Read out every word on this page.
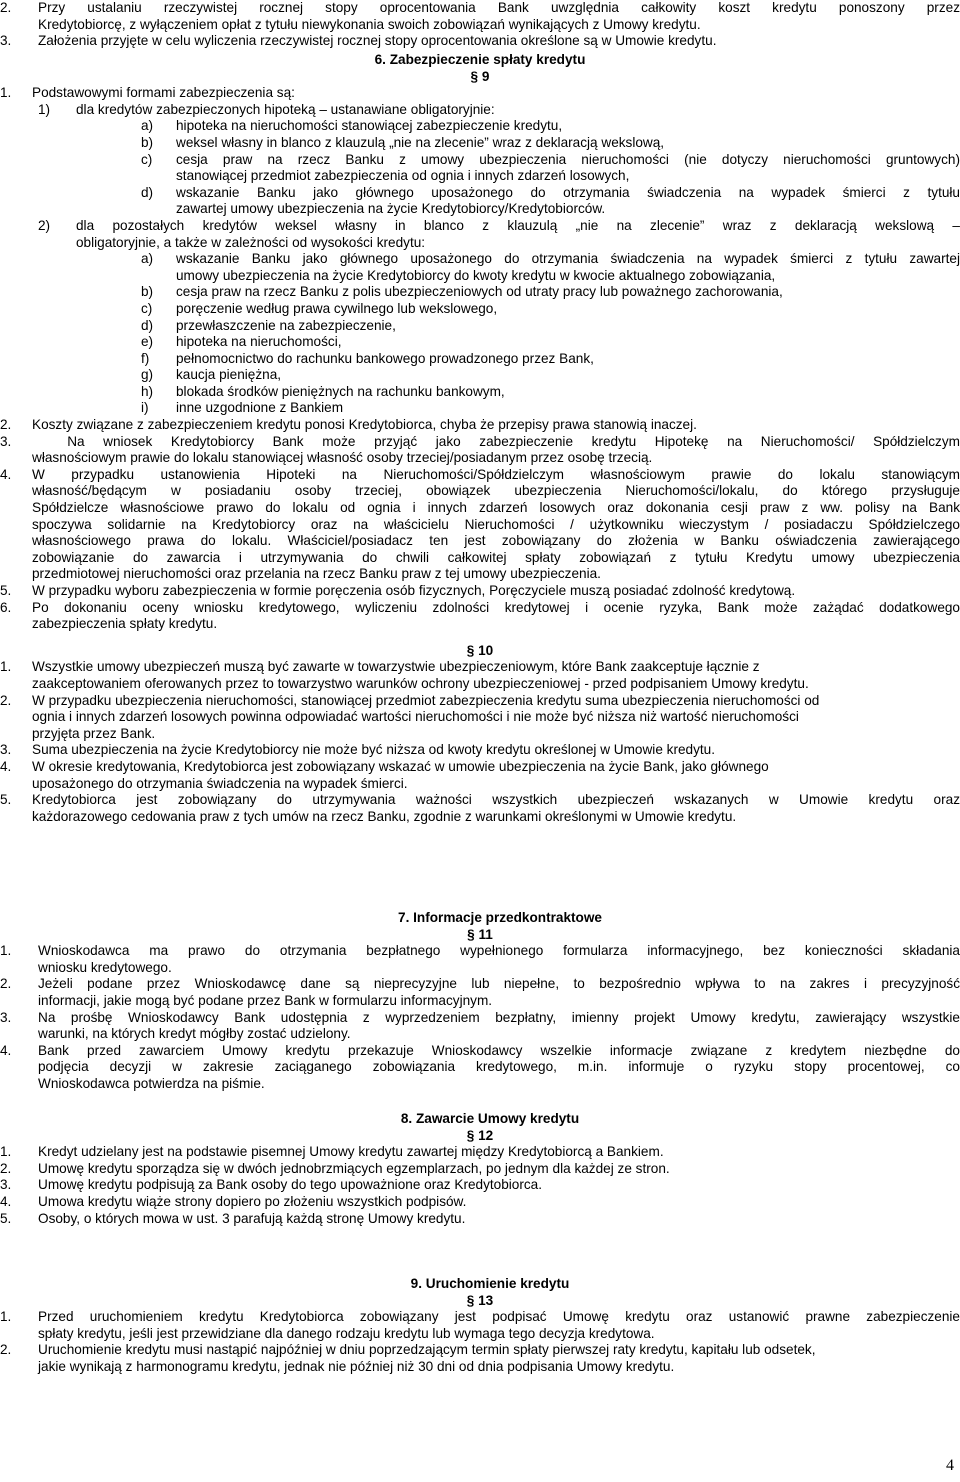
2. Przy ustalaniu rzeczywistej rocznej stopy oprocentowania Bank uwzględnia całkowity koszt kredytu ponoszony przez
Kredytobiorcę, z wyłączeniem opłat z tytułu niewykonania swoich zobowiązań wynikających z Umowy kredytu.
3. Założenia przyjęte w celu wyliczenia rzeczywistej rocznej stopy oprocentowania określone są w Umowie kredytu.
6. Zabezpieczenie spłaty kredytu
§ 9
1. Podstawowymi formami zabezpieczenia są:
1) dla kredytów zabezpieczonych hipoteką – ustanawiane obligatoryjnie:
a) hipoteka na nieruchomości stanowiącej zabezpieczenie kredytu,
b) weksel własny in blanco z klauzulą „nie na zlecenie” wraz z deklaracją wekslową,
c) cesja praw na rzecz Banku z umowy ubezpieczenia nieruchomości (nie dotyczy nieruchomości gruntowych)
stanowiącej przedmiot zabezpieczenia od ognia i innych zdarzeń losowych,
d) wskazanie Banku jako głównego uposażonego do otrzymania świadczenia na wypadek śmierci z tytułu
zawartej umowy ubezpieczenia na życie Kredytobiorcy/Kredytobiorców.
2) dla pozostałych kredytów weksel własny in blanco z klauzulą „nie na zlecenie” wraz z deklaracją wekslową –
obligatoryjnie, a także w zależności od wysokości kredytu:
a) wskazanie Banku jako głównego uposażonego do otrzymania świadczenia na wypadek śmierci z tytułu zawartej
umowy ubezpieczenia na życie Kredytobiorcy do kwoty kredytu w kwocie aktualnego zobowiązania,
b) cesja praw na rzecz Banku z polis ubezpieczeniowych od utraty pracy lub poważnego zachorowania,
c) poręczenie według prawa cywilnego lub wekslowego,
d) przewłaszczenie na zabezpieczenie,
e) hipoteka na nieruchomości,
f) pełnomocnictwo do rachunku bankowego prowadzonego przez Bank,
g) kaucja pieniężna,
h) blokada środków pieniężnych na rachunku bankowym,
i) inne uzgodnione z Bankiem
2. Koszty związane z zabezpieczeniem kredytu ponosi Kredytobiorca, chyba że przepisy prawa stanowią inaczej.
3.	Na wniosek Kredytobiorcy Bank może przyjąć jako zabezpieczenie kredytu Hipotekę na Nieruchomości/ Spółdzielczym
własnościowym prawie do lokalu stanowiącej własność osoby trzeciej/posiadanym przez osobę trzecią.
4. W przypadku ustanowienia Hipoteki na Nieruchomości/Spółdzielczym własnościowym prawie do lokalu stanowiącym
własność/będącym w posiadaniu osoby trzeciej, obowiązek ubezpieczenia Nieruchomości/lokalu, do którego przysługuje
Spółdzielcze własnościowe prawo do lokalu od ognia i innych zdarzeń losowych oraz dokonania cesji praw z ww. polisy na Bank
spoczywa solidarnie na Kredytobiorcy oraz na właścicielu Nieruchomości / użytkowniku wieczystym / posiadaczu Spółdzielczego
własnościowego prawa do lokalu. Właściciel/posiadacz ten jest zobowiązany do złożenia w Banku oświadczenia zawierającego
zobowiązanie do zawarcia i utrzymywania do chwili całkowitej spłaty zobowiązań z tytułu Kredytu umowy ubezpieczenia
przedmiotowej nieruchomości oraz przelania na rzecz Banku praw z tej umowy ubezpieczenia.
5. W przypadku wyboru zabezpieczenia w formie poręczenia osób fizycznych, Poręczyciele muszą posiadać zdolność kredytową.
6. Po dokonaniu oceny wniosku kredytowego, wyliczeniu zdolności kredytowej i ocenie ryzyka, Bank może zażądać dodatkowego
zabezpieczenia spłaty kredytu.
§ 10
1. Wszystkie umowy ubezpieczeń muszą być zawarte w towarzystwie ubezpieczeniowym, które Bank zaakceptuje łącznie z
zaakceptowaniem oferowanych przez to towarzystwo warunków ochrony ubezpieczeniowej - przed podpisaniem Umowy kredytu.
2. W przypadku ubezpieczenia nieruchomości, stanowiącej przedmiot zabezpieczenia kredytu suma ubezpieczenia nieruchomości od
ognia i innych zdarzeń losowych powinna odpowiadać wartości nieruchomości i nie może być niższa niż wartość nieruchomości
przyjęta przez Bank.
3. Suma ubezpieczenia na życie Kredytobiorcy nie może być niższa od kwoty kredytu określonej w Umowie kredytu.
4. W okresie kredytowania, Kredytobiorca jest zobowiązany wskazać w umowie ubezpieczenia na życie Bank, jako głównego
uposażonego do otrzymania świadczenia na wypadek śmierci.
5. Kredytobiorca jest zobowiązany do utrzymywania ważności wszystkich ubezpieczeń wskazanych w Umowie kredytu oraz
każdorazowego cedowania praw z tych umów na rzecz Banku, zgodnie z warunkami określonymi w Umowie kredytu.
7. Informacje przedkontraktowe
§ 11
1. Wnioskodawca ma prawo do otrzymania bezpłatnego wypełnionego formularza informacyjnego, bez konieczności składania
wniosku kredytowego.
2. Jeżeli podane przez Wnioskodawcę dane są nieprecyzyjne lub niepełne, to bezpośrednio wpływa to na zakres i precyzyjność
informacji, jakie mogą być podane przez Bank w formularzu informacyjnym.
3. Na prośbę Wnioskodawcy Bank udostępnia z wyprzedzeniem bezpłatny, imienny projekt Umowy kredytu, zawierający wszystkie
warunki, na których kredyt mógłby zostać udzielony.
4. Bank przed zawarciem Umowy kredytu przekazuje Wnioskodawcy wszelkie informacje związane z kredytem niezbędne do
podjęcia decyzji w zakresie zaciąganego zobowiązania kredytowego, m.in. informuje o ryzyku stopy procentowej, co
Wnioskodawca potwierdza na piśmie.
8. Zawarcie Umowy kredytu
§ 12
1. Kredyt udzielany jest na podstawie pisemnej Umowy kredytu zawartej między Kredytobiorcą a Bankiem.
2. Umowę kredytu sporządza się w dwóch jednobrzmiących egzemplarzach, po jednym dla każdej ze stron.
3. Umowę kredytu podpisują za Bank osoby do tego upoważnione oraz Kredytobiorca.
4. Umowa kredytu wiąże strony dopiero po złożeniu wszystkich podpisów.
5. Osoby, o których mowa w ust. 3 parafują każdą stronę Umowy kredytu.
9. Uruchomienie kredytu
§ 13
1. Przed uruchomieniem kredytu Kredytobiorca zobowiązany jest podpisać Umowę kredytu oraz ustanowić prawne zabezpieczenie
spłaty kredytu, jeśli jest przewidziane dla danego rodzaju kredytu lub wymaga tego decyzja kredytowa.
2. Uruchomienie kredytu musi nastąpić najpóźniej w dniu poprzedzającym termin spłaty pierwszej raty kredytu, kapitału lub odsetek,
jakie wynikają z harmonogramu kredytu, jednak nie później niż 30 dni od dnia podpisania Umowy kredytu.
4
